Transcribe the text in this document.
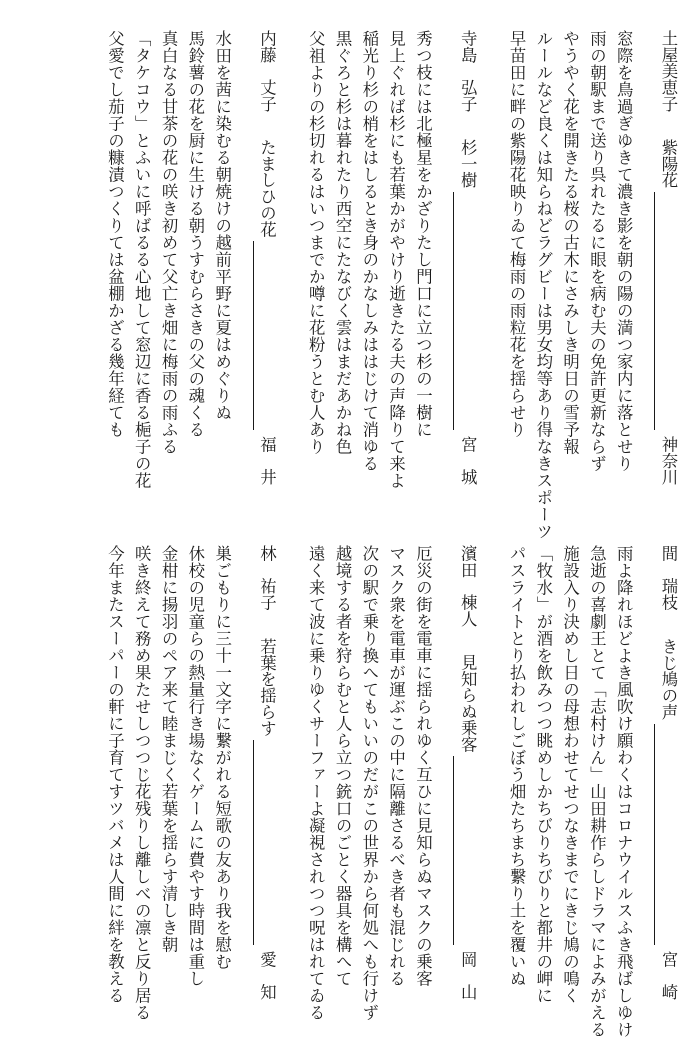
土屋美恵子
紫陽花
神奈川
窓際を鳥過ぎゆきて濃き影を朝の陽の満つ家内に落とせり
雨の朝駅まで送り呉れたるに眼を病む夫の免許更新ならず
やうやく花を開きたる桜の古木にさみしき明日の雪予報
ルールなど良くは知らねどラグビーは男女均等あり得なきスポーツ
早苗田に畔の紫陽花映りゐて梅雨の雨粒花を揺らせり
寺島　弘子
杉一樹
宮　城
秀つ枝には北極星をかざりたし門口に立つ杉の一樹に
見上ぐれば杉にも若葉かがやけり逝きたる夫の声降りて来よ
稲光り杉の梢をはしるとき身のかなしみははじけて消ゆる
黒ぐろと杉は暮れたり西空にたなびく雲はまだあかね色
父祖よりの杉切れるはいつまでか噂に花粉うとむ人あり
内藤　丈子
たましひの花
福　井
水田を茜に染むる朝焼けの越前平野に夏はめぐりぬ
馬鈴薯の花を厨に生ける朝うすむらさきの父の魂くる
真白なる甘茶の花の咲き初めて父亡き畑に梅雨の雨ふる
「タケコウ」とふいに呼ばるる心地して窓辺に香る梔子の花
父愛でし茄子の糠漬つくりては盆棚かざる幾年経ても
間　瑞枝
きじ鳩の声
宮　崎
雨よ降れほどよき風吹け願わくはコロナウイルスふき飛ばしゆけ
急逝の喜劇王とて「志村けん」山田耕作らしドラマによみがえる
施設入り決めし日の母想わせてせつなきまでにきじ鳩の鳴く
「牧水」が酒を飲みつつ眺めしかちびりちびりと都井の岬に
パスライトとり払われしごぼう畑たちまち繋り土を覆いぬ
濱田　棟人
見知らぬ乗客
岡　山
厄災の街を電車に揺られゆく互ひに見知らぬマスクの乗客
マスク衆を電車が運ぶこの中に隔離さるべき者も混じれる
次の駅で乗り換へてもいいのだがこの世界から何処へも行けず
越境する者を狩らむと人ら立つ銃口のごとく器具を構へて
遠く来て波に乗りゆくサーファーよ凝視されつつ呪はれてゐる
林　祐子
若葉を揺らす
愛　知
巣ごもりに三十一文字に繋がれる短歌の友あり我を慰む
休校の児童らの熱量行き場なくゲームに費やす時間は重し
金柑に揚羽のペア来て睦まじく若葉を揺らす清しき朝
咲き終えて務め果たせしつつじ花残りし離しべの凛と反り居る
今年またスーパーの軒に子育てすツバメは人間に絆を教える
